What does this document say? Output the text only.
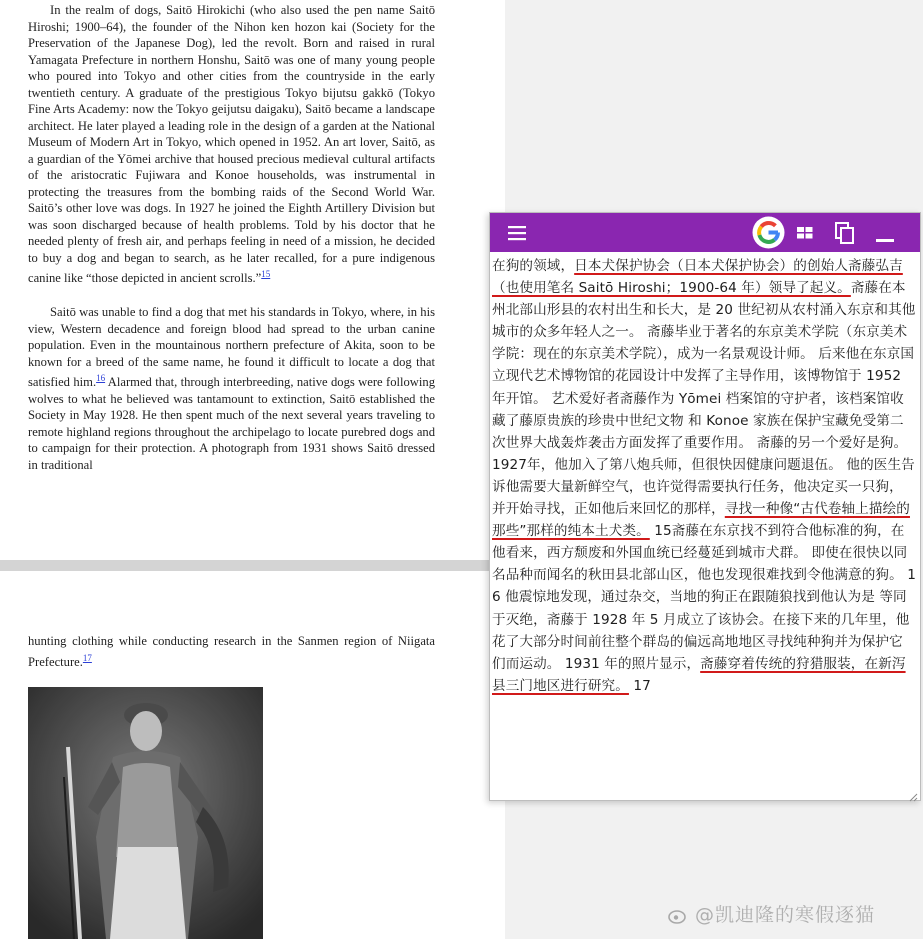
In the realm of dogs, Saitō Hirokichi (who also used the pen name Saitō Hiroshi; 1900–64), the founder of the Nihon ken hozon kai (Society for the Preservation of the Japanese Dog), led the revolt. Born and raised in rural Yamagata Prefecture in northern Honshu, Saitō was one of many young people who poured into Tokyo and other cities from the countryside in the early twentieth century. A graduate of the prestigious Tokyo bijutsu gakkō (Tokyo Fine Arts Academy: now the Tokyo geijutsu daigaku), Saitō became a landscape architect. He later played a leading role in the design of a garden at the National Museum of Modern Art in Tokyo, which opened in 1952. An art lover, Saitō, as a guardian of the Yōmei archive that housed precious medieval cultural artifacts of the aristocratic Fujiwara and Konoe households, was instrumental in protecting the treasures from the bombing raids of the Second World War. Saitō’s other love was dogs. In 1927 he joined the Eighth Artillery Division but was soon discharged because of health problems. Told by his doctor that he needed plenty of fresh air, and perhaps feeling in need of a mission, he decided to buy a dog and began to search, as he later recalled, for a pure indigenous canine like “those depicted in ancient scrolls.”$^{15}$

Saitō was unable to find a dog that met his standards in Tokyo, where, in his view, Western decadence and foreign blood had spread to the urban canine population. Even in the mountainous northern prefecture of Akita, soon to be known for a breed of the same name, he found it difficult to locate a dog that satisfied him.$^{16}$ Alarmed that, through interbreeding, native dogs were following wolves to what he believed was tantamount to extinction, Saitō established the Society in May 1928. He then spent much of the next several years traveling to remote highland regions throughout the archipelago to locate purebred dogs and to campaign for their protection. A photograph from 1931 shows Saitō dressed in traditional

hunting clothing while conducting research in the Sanmen region of Niigata Prefecture.$^{17}$

在狗的领域，日本犬保护协会（日本犬保护协会）的创始人斋藤弘吉（也使用笔名 Saitō Hiroshi；1900-64 年）领导了起义。斋藤在本州北部山形县的农村出生和长大，是 20 世纪初从农村涌入东京和其他城市的众多年轻人之一。 斋藤毕业于著名的东京美术学院（东京美术学院：现在的东京美术学院），成为一名景观设计师。 后来他在东京国立现代艺术博物馆的花园设计中发挥了主导作用，该博物馆于 1952 年开馆。 艺术爱好者斋藤作为 Yōmei 档案馆的守护者，该档案馆收藏了藤原贵族的珍贵中世纪文物 和 Konoe 家族在保护宝藏免受第二次世界大战轰炸袭击方面发挥了重要作用。 斋藤的另一个爱好是狗。 1927年，他加入了第八炮兵师，但很快因健康问题退伍。 他的医生告诉他需要大量新鲜空气，也许觉得需要执行任务，他决定买一只狗，并开始寻找，正如他后来回忆的那样，寻找一种像“古代卷轴上描绘的那些”那样的纯本土犬类。 15斋藤在东京找不到符合他标准的狗，在他看来，西方颓废和外国血统已经蔓延到城市犬群。 即使在很快以同名品种而闻名的秋田县北部山区，他也发现很难找到令他满意的狗。 16 他震惊地发现，通过杂交，当地的狗正在跟随狼找到他认为是 等同于灭绝，斋藤于 1928 年 5 月成立了该协会。在接下来的几年里，他花了大部分时间前往整个群岛的偏远高地地区寻找纯种狗并为保护它们而运动。 1931 年的照片显示，斋藤穿着传统的狩猎服装，在新泻县三门地区进行研究。 17
@凯迪隆的寒假逐猫
